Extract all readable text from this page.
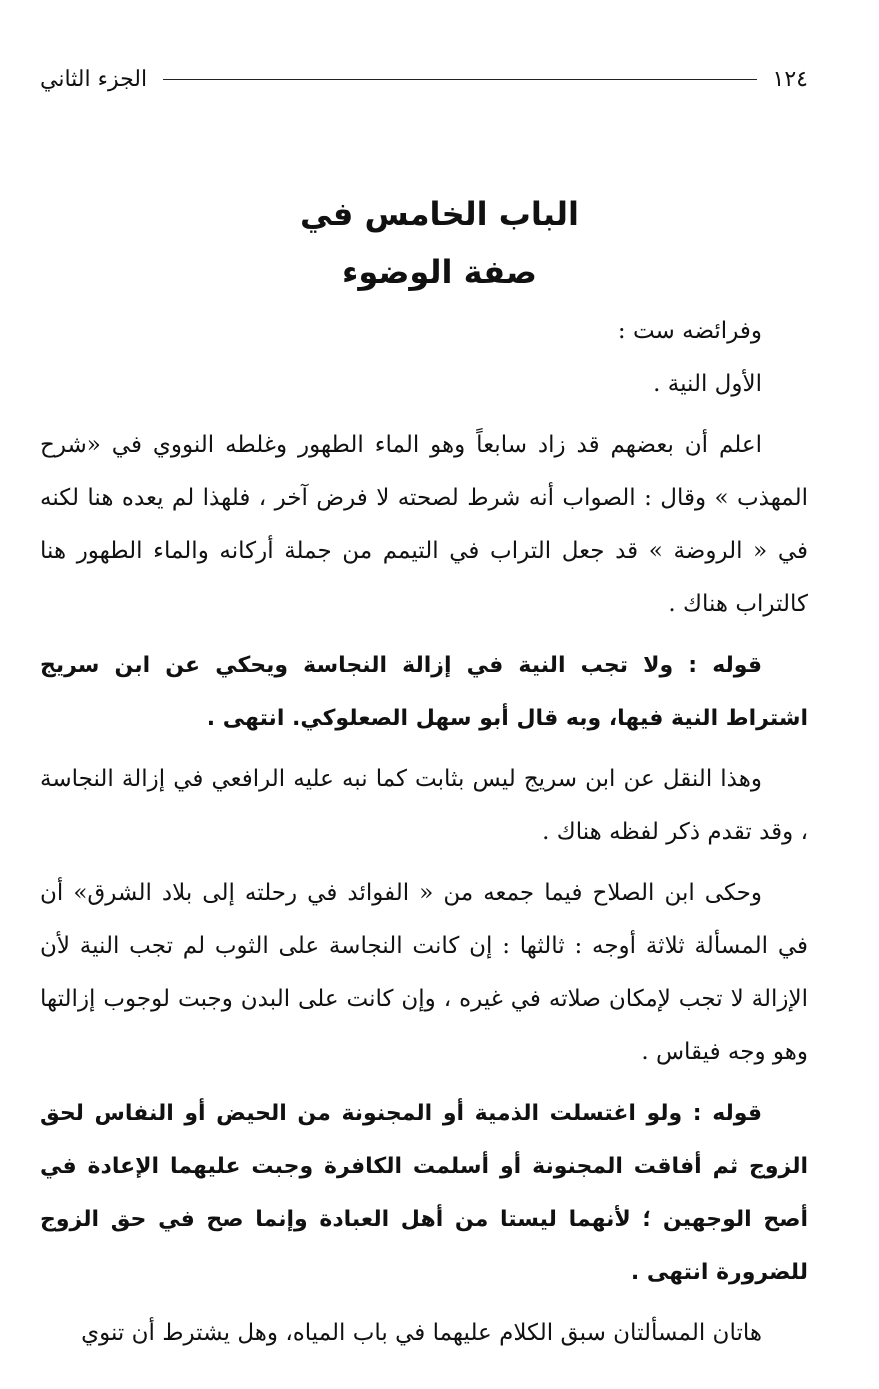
الجزء الثاني	١٢٤
الباب الخامس في
صفة الوضوء

وفرائضه ست :

الأول النية .

اعلم أن بعضهم قد زاد سابعاً وهو الماء الطهور وغلطه النووي في «شرح المهذب » وقال : الصواب أنه شرط لصحته لا فرض آخر ، فلهذا لم يعده هنا لكنه في « الروضة » قد جعل التراب في التيمم من جملة أركانه والماء الطهور هنا كالتراب هناك .

قوله : ولا تجب النية في إزالة النجاسة ويحكي عن ابن سريج اشتراط النية فيها، وبه قال أبو سهل الصعلوكي. انتهى .

وهذا النقل عن ابن سريج ليس بثابت كما نبه عليه الرافعي في إزالة النجاسة ، وقد تقدم ذكر لفظه هناك .

وحكى ابن الصلاح فيما جمعه من « الفوائد في رحلته إلى بلاد الشرق» أن في المسألة ثلاثة أوجه : ثالثها : إن كانت النجاسة على الثوب لم تجب النية لأن الإزالة لا تجب لإمكان صلاته في غيره ، وإن كانت على البدن وجبت لوجوب إزالتها وهو وجه فيقاس .

قوله : ولو اغتسلت الذمية أو المجنونة من الحيض أو النفاس لحق الزوج ثم أفاقت المجنونة أو أسلمت الكافرة وجبت عليهما الإعادة في أصح الوجهين ؛ لأنهما ليستا من أهل العبادة وإنما صح في حق الزوج للضرورة انتهى .

هاتان المسألتان سبق الكلام عليهما في باب المياه، وهل يشترط أن تنوي
